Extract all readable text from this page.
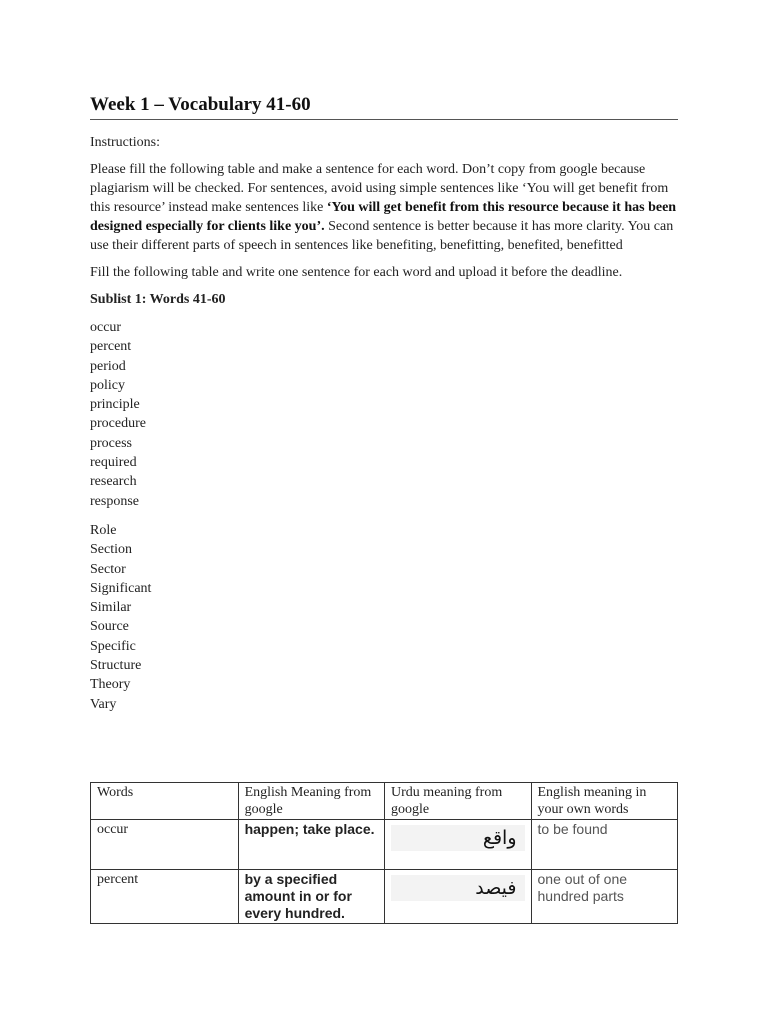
Week 1 – Vocabulary 41-60

Instructions:

Please fill the following table and make a sentence for each word. Don’t copy from google because plagiarism will be checked. For sentences, avoid using simple sentences like ‘You will get benefit from this resource’ instead make sentences like ‘You will get benefit from this resource because it has been designed especially for clients like you’. Second sentence is better because it has more clarity. You can use their different parts of speech in sentences like benefiting, benefitting, benefited, benefitted

Fill the following table and write one sentence for each word and upload it before the deadline.

Sublist 1: Words 41-60
occur
percent
period
policy
principle
procedure
process
required
research
response
Role
Section
Sector
Significant
Similar
Source
Specific
Structure
Theory
Vary
Words	English Meaning from google	Urdu meaning from google	English meaning in your own words
occur	happen; take place.	واقع	to be found
percent	by a specified amount in or for every hundred.	فیصد	one out of one hundred parts
